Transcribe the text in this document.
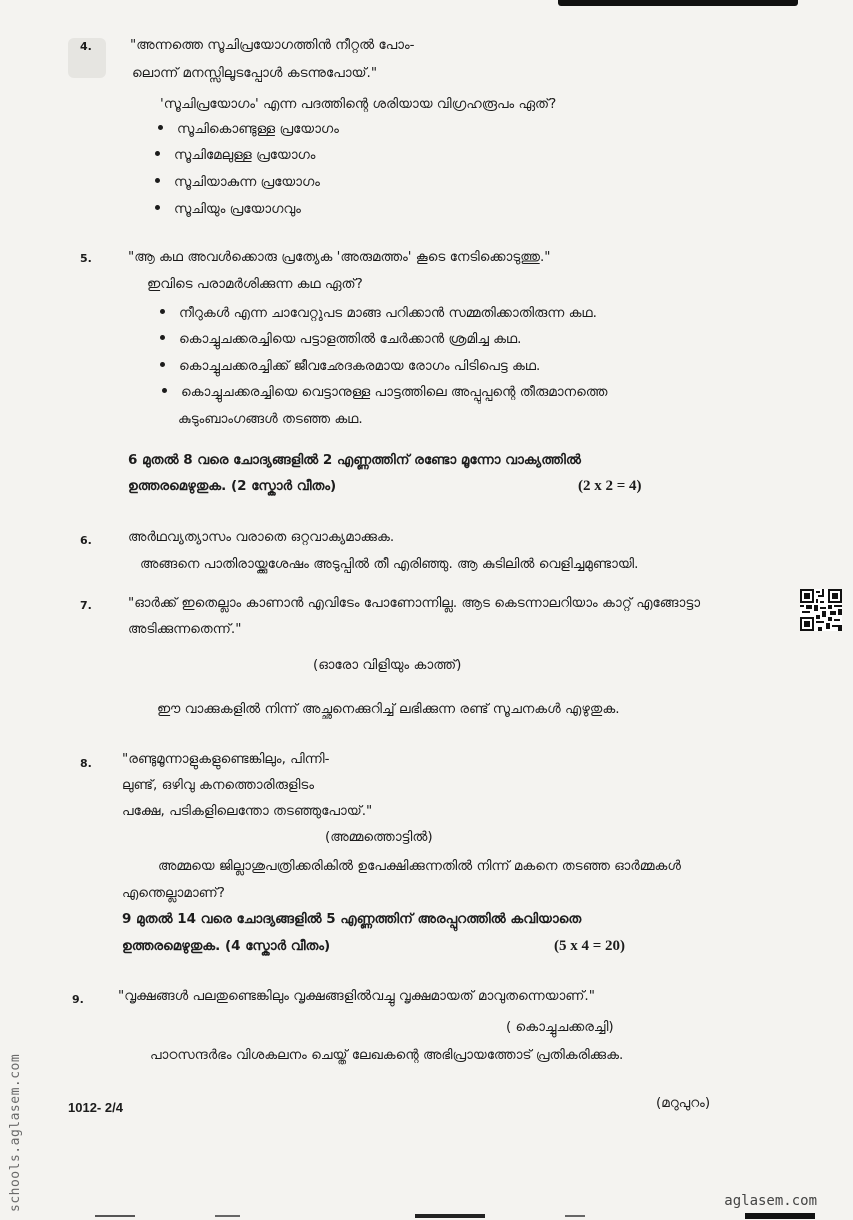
4.	"അന്നത്തെ സൂചിപ്രയോഗത്തിൻ നീറ്റൽ പോം-
ലൊന്ന് മനസ്സിലൂടപ്പോൾ കടന്നുപോയ്."
'സൂചിപ്രയോഗം' എന്ന പദത്തിന്റെ ശരിയായ വിഗ്രഹരൂപം ഏത്?
സൂചികൊണ്ടുള്ള പ്രയോഗം
സൂചിമേലുള്ള പ്രയോഗം
സൂചിയാകുന്ന പ്രയോഗം
സൂചിയും പ്രയോഗവും
5.	"ആ കഥ അവൾക്കൊരു പ്രത്യേക 'അരുമത്തം' കൂടെ നേടിക്കൊടുത്തു."
ഇവിടെ പരാമർശിക്കുന്ന കഥ ഏത്?
നീറുകൾ എന്ന ചാവേറ്റുപട മാങ്ങ പറിക്കാൻ സമ്മതിക്കാതിരുന്ന കഥ.
കൊച്ചുചക്കരച്ചിയെ പട്ടാളത്തിൽ ചേർക്കാൻ ശ്രമിച്ച കഥ.
കൊച്ചുചക്കരച്ചിക്ക് ജീവഛേദകരമായ രോഗം പിടിപെട്ട കഥ.
കൊച്ചുചക്കരച്ചിയെ വെട്ടാനുള്ള പാട്ടത്തിലെ അപ്പുപ്പന്റെ തീരുമാനത്തെ
കുടുംബാംഗങ്ങൾ തടഞ്ഞ കഥ.
6 മുതൽ 8 വരെ ചോദ്യങ്ങളിൽ 2 എണ്ണത്തിന് രണ്ടോ മൂന്നോ വാക്യത്തിൽ
ഉത്തരമെഴുതുക. (2 സ്കോർ വീതം)	(2 x 2 = 4)
6.	അർഥവ്യത്യാസം വരാതെ ഒറ്റവാക്യമാക്കുക.
അങ്ങനെ പാതിരായ്ക്കുശേഷം അടുപ്പിൽ തീ എരിഞ്ഞു. ആ കുടിലിൽ വെളിച്ചമുണ്ടായി.
7.	"ഓർക്ക് ഇതെല്ലാം കാണാൻ എവിടേം പോണോന്നില്ല. ആട കെടന്നാലറിയാം കാറ്റ് എങ്ങോട്ടാ
അടിക്കുന്നതെന്ന്."
(ഓരോ വിളിയും കാത്ത്)
ഈ വാക്കുകളിൽ നിന്ന് അച്ഛനെക്കുറിച്ച് ലഭിക്കുന്ന രണ്ട് സൂചനകൾ എഴുതുക.
8. "രണ്ടുമൂന്നാളുകളുണ്ടെങ്കിലും, പിന്നി-
ലുണ്ട്, ഒഴിവു കനത്തൊരിരുളിടം
പക്ഷേ, പടികളിലെന്തോ തടഞ്ഞുപോയ്."
(അമ്മത്തൊട്ടിൽ)
അമ്മയെ ജില്ലാശുപത്രിക്കരികിൽ ഉപേക്ഷിക്കുന്നതിൽ നിന്ന് മകനെ തടഞ്ഞ ഓർമ്മകൾ
എന്തെല്ലാമാണ്?
9 മുതൽ 14 വരെ ചോദ്യങ്ങളിൽ 5 എണ്ണത്തിന് അരപ്പുറത്തിൽ കവിയാതെ
ഉത്തരമെഴുതുക. (4 സ്കോർ വീതം)	(5 x 4 = 20)
9.	"വൃക്ഷങ്ങൾ പലതുണ്ടെങ്കിലും വൃക്ഷങ്ങളിൽവച്ചു വൃക്ഷമായത് മാവുതന്നെയാണ്."
( കൊച്ചുചക്കരച്ചി)
പാഠസന്ദർഭം വിശകലനം ചെയ്ത് ലേഖകന്റെ അഭിപ്രായത്തോട് പ്രതികരിക്കുക.
1012- 2/4	(മറുപുറം)
schools.aglasem.com	aglasem.com
